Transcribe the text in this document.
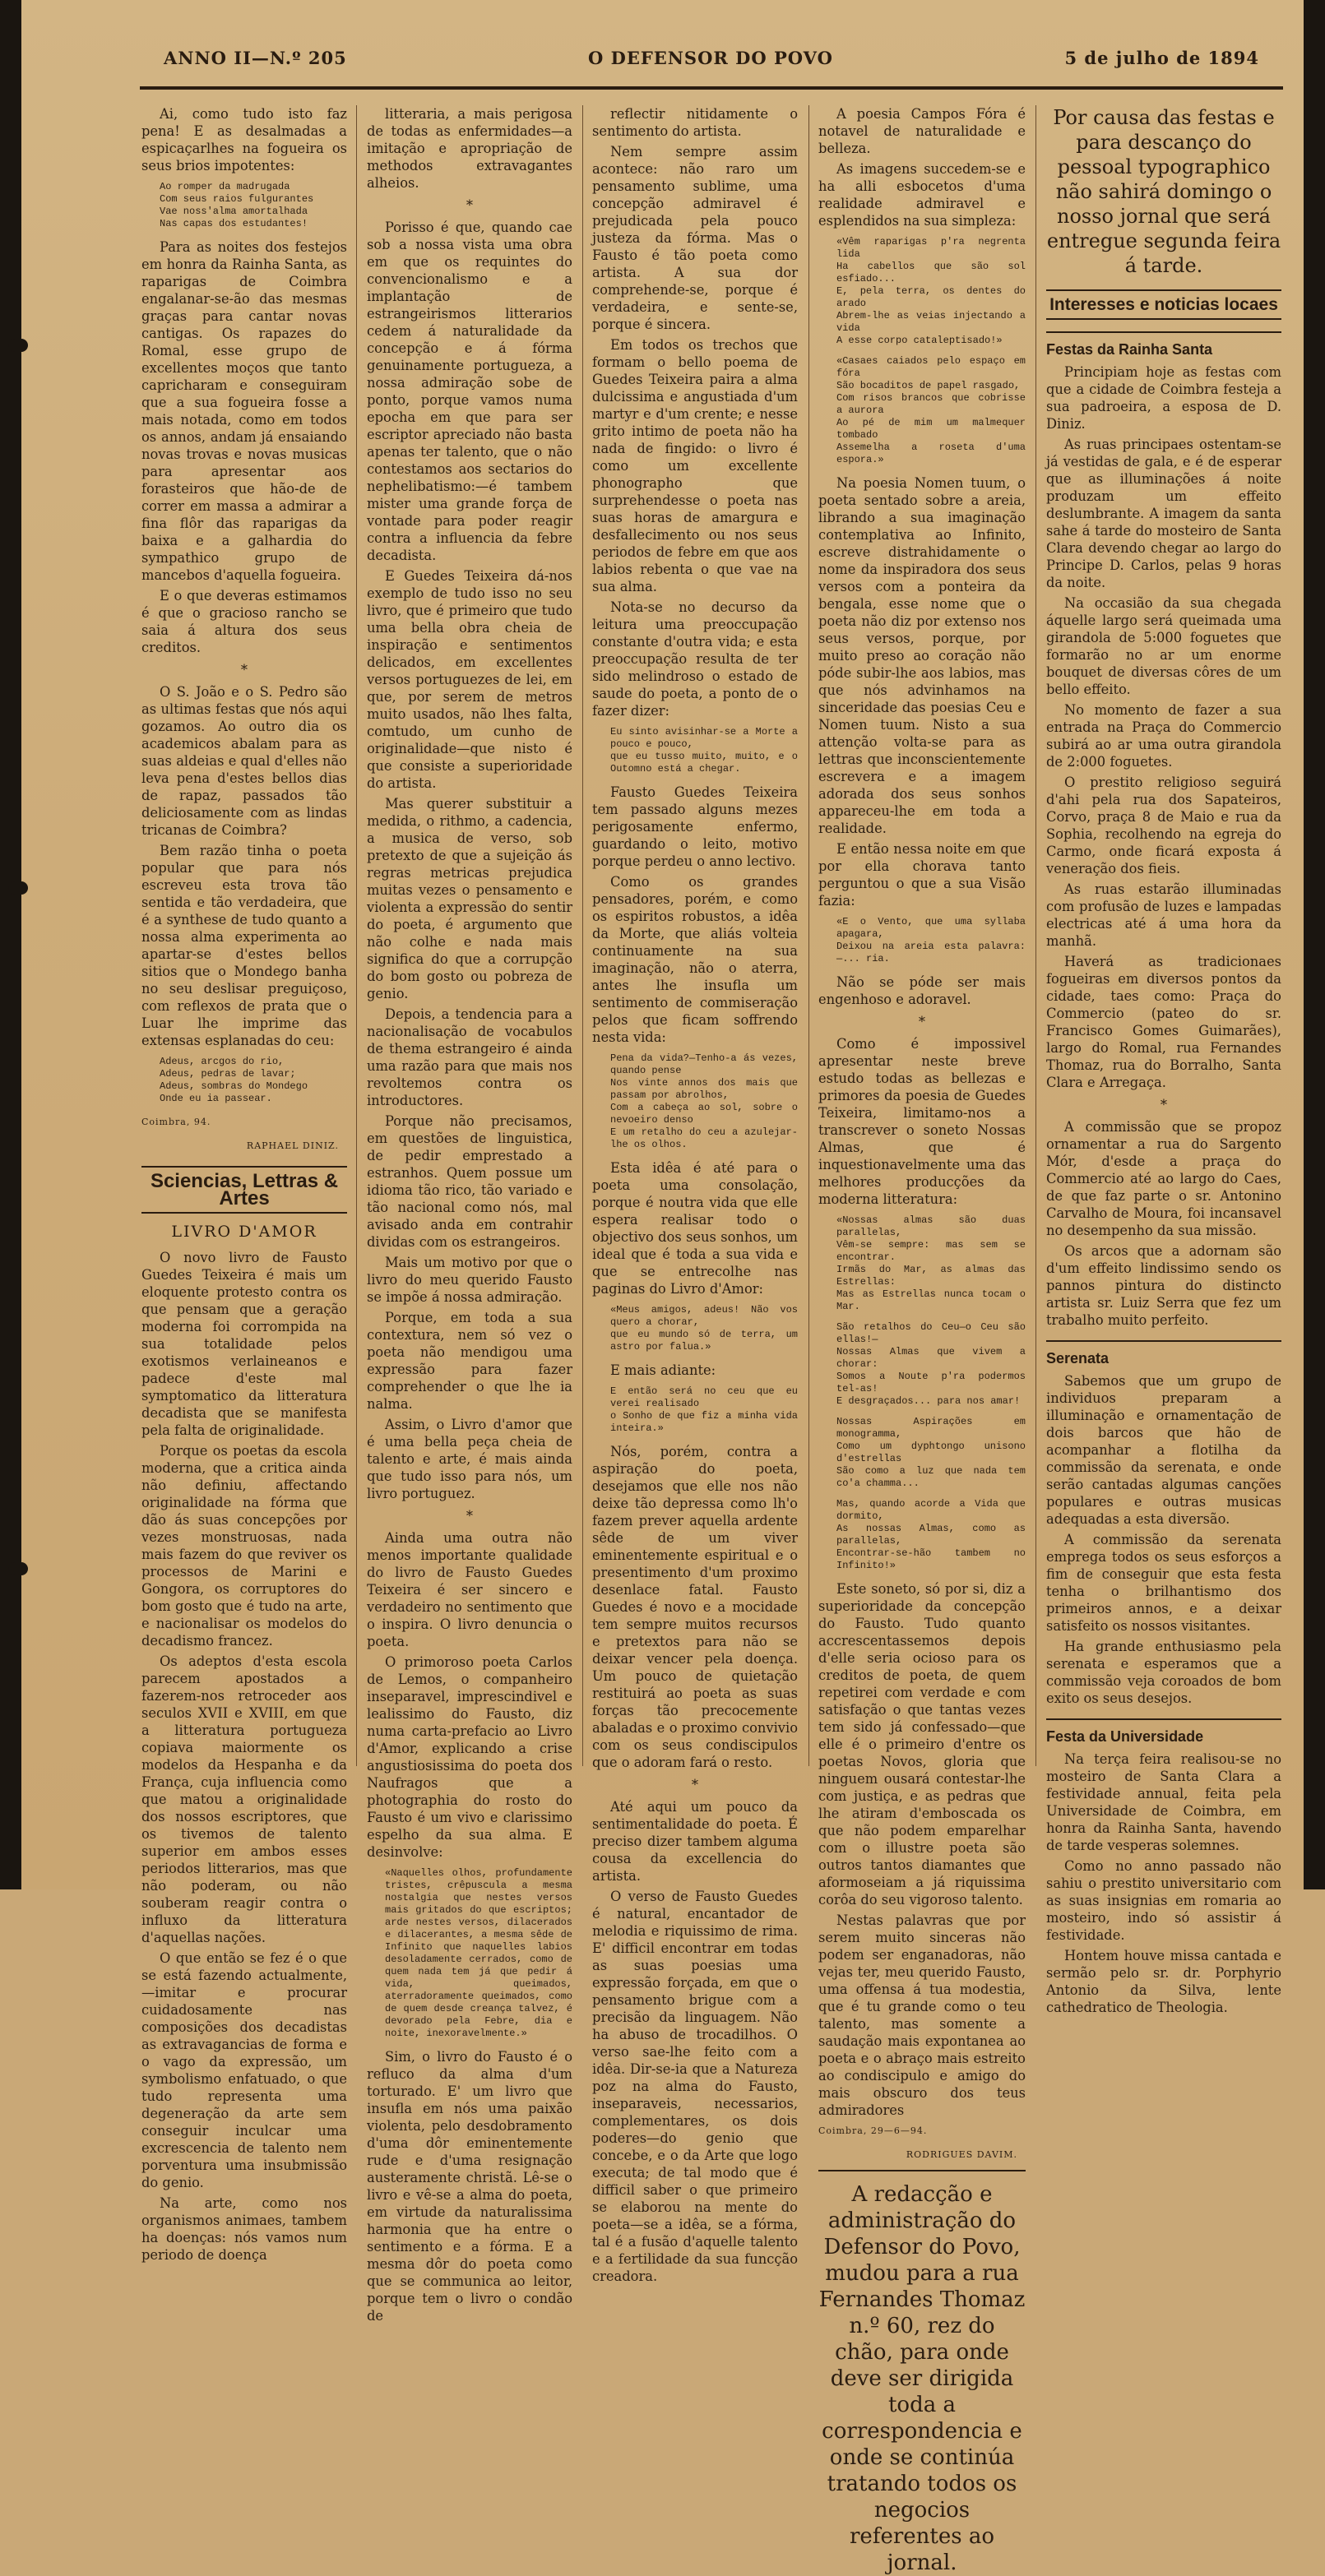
ANNO II—N.º 205	O DEFENSOR DO POVO	5 de julho de 1894

Ai, como tudo isto faz pena! E as desalmadas a espicaçarlhes na fogueira os seus brios impotentes:

Ao romper da madrugada
Com seus raios fulgurantes
Vae noss'alma amortalhada
Nas capas dos estudantes!

Para as noites dos festejos em honra da Rainha Santa, as raparigas de Coimbra engalanar-se-ão das mesmas graças para cantar novas cantigas. Os rapazes do Romal, esse grupo de excellentes moços que tanto capricharam e conseguiram que a sua fogueira fosse a mais notada, como em todos os annos, andam já ensaiando novas trovas e novas musicas para apresentar aos forasteiros que hão-de de correr em massa a admirar a fina flôr das raparigas da baixa e a galhardia do sympathico grupo de mancebos d'aquella fogueira.

E o que deveras estimamos é que o gracioso rancho se saia á altura dos seus creditos.

*

O S. João e o S. Pedro são as ultimas festas que nós aqui gozamos. Ao outro dia os academicos abalam para as suas aldeias e qual d'elles não leva pena d'estes bellos dias de rapaz, passados tão deliciosamente com as lindas tricanas de Coimbra?

Bem razão tinha o poeta popular que para nós escreveu esta trova tão sentida e tão verdadeira, que é a synthese de tudo quanto a nossa alma experimenta ao apartar-se d'estes bellos sitios que o Mondego banha no seu deslisar preguiçoso, com reflexos de prata que o Luar lhe imprime das extensas esplanadas do ceu:

Adeus, arcgos do rio,
Adeus, pedras de lavar;
Adeus, sombras do Mondego
Onde eu ia passear.
Coimbra, 94.
RAPHAEL DINIZ.
Sciencias, Lettras & Artes
LIVRO D'AMOR

O novo livro de Fausto Guedes Teixeira é mais um eloquente protesto contra os que pensam que a geração moderna foi corrompida na sua totalidade pelos exotismos verlaineanos e padece d'este mal symptomatico da litteratura decadista que se manifesta pela falta de originalidade.

Porque os poetas da escola moderna, que a critica ainda não definiu, affectando originalidade na fórma que dão ás suas concepções por vezes monstruosas, nada mais fazem do que reviver os processos de Marini e Gongora, os corruptores do bom gosto que é tudo na arte, e nacionalisar os modelos do decadismo francez.

Os adeptos d'esta escola parecem apostados a fazerem-nos retroceder aos seculos XVII e XVIII, em que a litteratura portugueza copiava maiormente os modelos da Hespanha e da França, cuja influencia como que matou a originalidade dos nossos escriptores, que os tivemos de talento superior em ambos esses periodos litterarios, mas que não poderam, ou não souberam reagir contra o influxo da litteratura d'aquellas nações.

O que então se fez é o que se está fazendo actualmente,—imitar e procurar cuidadosamente nas composições dos decadistas as extravagancias de forma e o vago da expressão, um symbolismo enfatuado, o que tudo representa uma degeneração da arte sem conseguir inculcar uma excrescencia de talento nem porventura uma insubmissão do genio.

Na arte, como nos organismos animaes, tambem ha doenças: nós vamos num periodo de doença

litteraria, a mais perigosa de todas as enfermidades—a imitação e apropriação de methodos extravagantes alheios.

*

Porisso é que, quando cae sob a nossa vista uma obra em que os requintes do convencionalismo e a implantação de estrangeirismos litterarios cedem á naturalidade da concepção e á fórma genuinamente portugueza, a nossa admiração sobe de ponto, porque vamos numa epocha em que para ser escriptor apreciado não basta apenas ter talento, que o não contestamos aos sectarios do nephelibatismo:—é tambem mister uma grande força de vontade para poder reagir contra a influencia da febre decadista.

E Guedes Teixeira dá-nos exemplo de tudo isso no seu livro, que é primeiro que tudo uma bella obra cheia de inspiração e sentimentos delicados, em excellentes versos portuguezes de lei, em que, por serem de metros muito usados, não lhes falta, comtudo, um cunho de originalidade—que nisto é que consiste a superioridade do artista.

Mas querer substituir a medida, o rithmo, a cadencia, a musica de verso, sob pretexto de que a sujeição ás regras metricas prejudica muitas vezes o pensamento e violenta a expressão do sentir do poeta, é argumento que não colhe e nada mais significa do que a corrupção do bom gosto ou pobreza de genio.

Depois, a tendencia para a nacionalisação de vocabulos de thema estrangeiro é ainda uma razão para que mais nos revoltemos contra os introductores.

Porque não precisamos, em questões de linguistica, de pedir emprestado a estranhos. Quem possue um idioma tão rico, tão variado e tão nacional como nós, mal avisado anda em contrahir dividas com os estrangeiros.

Mais um motivo por que o livro do meu querido Fausto se impõe á nossa admiração.

Porque, em toda a sua contextura, nem só vez o poeta não mendigou uma expressão para fazer comprehender o que lhe ia nalma.

Assim, o Livro d'amor que é uma bella peça cheia de talento e arte, é mais ainda que tudo isso para nós, um livro portuguez.

*

Ainda uma outra não menos importante qualidade do livro de Fausto Guedes Teixeira é ser sincero e verdadeiro no sentimento que o inspira. O livro denuncia o poeta.

O primoroso poeta Carlos de Lemos, o companheiro inseparavel, imprescindivel e lealissimo do Fausto, diz numa carta-prefacio ao Livro d'Amor, explicando a crise angustiosissima do poeta dos Naufragos que a photographia do rosto do Fausto é um vivo e clarissimo espelho da sua alma. E desinvolve:

«Naquelles olhos, profundamente tristes, crêpuscula a mesma nostalgia que nestes versos mais gritados do que escriptos; arde nestes versos, dilacerados e dilacerantes, a mesma sêde de Infinito que naquelles labios desoladamente cerrados, como de quem nada tem já que pedir á vida, queimados, aterradoramente queimados, como de quem desde creança talvez, é devorado pela Febre, dia e noite, inexoravelmente.»

Sim, o livro do Fausto é o refluco da alma d'um torturado. E' um livro que insufla em nós uma paixão violenta, pelo desdobramento d'uma dôr eminentemente rude e d'uma resignação austeramente christã. Lê-se o livro e vê-se a alma do poeta, em virtude da naturalissima harmonia que ha entre o sentimento e a fórma. E a mesma dôr do poeta como que se communica ao leitor, porque tem o livro o condão de

reflectir nitidamente o sentimento do artista.

Nem sempre assim acontece: não raro um pensamento sublime, uma concepção admiravel é prejudicada pela pouco justeza da fórma. Mas o Fausto é tão poeta como artista. A sua dor comprehende-se, porque é verdadeira, e sente-se, porque é sincera.

Em todos os trechos que formam o bello poema de Guedes Teixeira paira a alma dulcissima e angustiada d'um martyr e d'um crente; e nesse grito intimo de poeta não ha nada de fingido: o livro é como um excellente phonographo que surprehendesse o poeta nas suas horas de amargura e desfallecimento ou nos seus periodos de febre em que aos labios rebenta o que vae na sua alma.

Nota-se no decurso da leitura uma preoccupação constante d'outra vida; e esta preoccupação resulta de ter sido melindroso o estado de saude do poeta, a ponto de o fazer dizer:

Eu sinto avisinhar-se a Morte a pouco e pouco,
que eu tusso muito, muito, e o Outomno está a chegar.

Fausto Guedes Teixeira tem passado alguns mezes perigosamente enfermo, guardando o leito, motivo porque perdeu o anno lectivo.

Como os grandes pensadores, porém, e como os espiritos robustos, a idêa da Morte, que aliás volteia continuamente na sua imaginação, não o aterra, antes lhe insufla um sentimento de commiseração pelos que ficam soffrendo nesta vida:

Pena da vida?—Tenho-a ás vezes, quando pense
Nos vinte annos dos mais que passam por abrolhos,
Com a cabeça ao sol, sobre o nevoeiro denso
E um retalho do ceu a azulejar-lhe os olhos.

Esta idêa é até para o poeta uma consolação, porque é noutra vida que elle espera realisar todo o objectivo dos seus sonhos, um ideal que é toda a sua vida e que se entrecolhe nas paginas do Livro d'Amor:

«Meus amigos, adeus! Não vos quero a chorar,
que eu mundo só de terra, um astro por falua.»

E mais adiante:

E então será no ceu que eu verei realisado
o Sonho de que fiz a minha vida inteira.»

Nós, porém, contra a aspiração do poeta, desejamos que elle nos não deixe tão depressa como lh'o fazem prever aquella ardente sêde de um viver eminentemente espiritual e o presentimento d'um proximo desenlace fatal. Fausto Guedes é novo e a mocidade tem sempre muitos recursos e pretextos para não se deixar vencer pela doença. Um pouco de quietação restituirá ao poeta as suas forças tão precocemente abaladas e o proximo convivio com os seus condiscipulos que o adoram fará o resto.

*

Até aqui um pouco da sentimentalidade do poeta. É preciso dizer tambem alguma cousa da excellencia do artista.

O verso de Fausto Guedes é natural, encantador de melodia e riquissimo de rima. E' difficil encontrar em todas as suas poesias uma expressão forçada, em que o pensamento brigue com a precisão da linguagem. Não ha abuso de trocadilhos. O verso sae-lhe feito com a idêa. Dir-se-ia que a Natureza poz na alma do Fausto, inseparaveis, necessarios, complementares, os dois poderes—do genio que concebe, e o da Arte que logo executa; de tal modo que é difficil saber o que primeiro se elaborou na mente do poeta—se a idêa, se a fórma, tal é a fusão d'aquelle talento e a fertilidade da sua funcção creadora.

A poesia Campos Fóra é notavel de naturalidade e belleza.

As imagens succedem-se e ha alli esbocetos d'uma realidade admiravel e esplendidos na sua simpleza:

«Vêm raparigas p'ra negrenta lida
Ha cabellos que são sol esfiado...
E, pela terra, os dentes do arado
Abrem-lhe as veias injectando a vida
A esse corpo cataleptisado!»
«Casaes caiados pelo espaço em fóra
São bocaditos de papel rasgado,
Com risos brancos que cobrisse a aurora
Ao pé de mim um malmequer tombado
Assemelha a roseta d'uma espora.»

Na poesia Nomen tuum, o poeta sentado sobre a areia, librando a sua imaginação contemplativa ao Infinito, escreve distrahidamente o nome da inspiradora dos seus versos com a ponteira da bengala, esse nome que o poeta não diz por extenso nos seus versos, porque, por muito preso ao coração não póde subir-lhe aos labios, mas que nós advinhamos na sinceridade das poesias Ceu e Nomen tuum. Nisto a sua attenção volta-se para as lettras que inconscientemente escrevera e a imagem adorada dos seus sonhos appareceu-lhe em toda a realidade.

E então nessa noite em que por ella chorava tanto perguntou o que a sua Visão fazia:

«E o Vento, que uma syllaba apagara,
Deixou na areia esta palavra:—... ria.

Não se póde ser mais engenhoso e adoravel.

*

Como é impossivel apresentar neste breve estudo todas as bellezas e primores da poesia de Guedes Teixeira, limitamo-nos a transcrever o soneto Nossas Almas, que é inquestionavelmente uma das melhores producções da moderna litteratura:

«Nossas almas são duas parallelas,
Vêm-se sempre: mas sem se encontrar.
Irmãs do Mar, as almas das Estrellas:
Mas as Estrellas nunca tocam o Mar.
São retalhos do Ceu—o Ceu são ellas!—
Nossas Almas que vivem a chorar:
Somos a Noute p'ra podermos tel-as!
E desgraçados... para nos amar!
Nossas Aspirações em monogramma,
Como um dyphtongo unisono d'estrellas
São como a luz que nada tem co'a chamma...
Mas, quando acorde a Vida que dormito,
As nossas Almas, como as parallelas,
Encontrar-se-hão tambem no Infinito!»

Este soneto, só por si, diz a superioridade da concepção do Fausto. Tudo quanto accrescentassemos depois d'elle seria ocioso para os creditos de poeta, de quem repetirei com verdade e com satisfação o que tantas vezes tem sido já confessado—que elle é o primeiro d'entre os poetas Novos, gloria que ninguem ousará contestar-lhe com justiça, e as pedras que lhe atiram d'emboscada os que não podem emparelhar com o illustre poeta são outros tantos diamantes que aformoseiam a já riquissima corôa do seu vigoroso talento.

Nestas palavras que por serem muito sinceras não podem ser enganadoras, não vejas ter, meu querido Fausto, uma offensa á tua modestia, que é tu grande como o teu talento, mas somente a saudação mais expontanea ao poeta e o abraço mais estreito ao condiscipulo e amigo do mais obscuro dos teus admiradores

Coimbra, 29—6—94.
RODRIGUES DAVIM.

A redacção e administração do Defensor do Povo, mudou para a rua Fernandes Thomaz n.º 60, rez do chão, para onde deve ser dirigida toda a correspondencia e onde se continúa tratando todos os negocios referentes ao jornal.

Por causa das festas e para descanço do pessoal typographico não sahirá domingo o nosso jornal que será entregue segunda feira á tarde.

Interesses e noticias locaes
Festas da Rainha Santa

Principiam hoje as festas com que a cidade de Coimbra festeja a sua padroeira, a esposa de D. Diniz.

As ruas principaes ostentam-se já vestidas de gala, e é de esperar que as illuminações á noite produzam um effeito deslumbrante. A imagem da santa sahe á tarde do mosteiro de Santa Clara devendo chegar ao largo do Principe D. Carlos, pelas 9 horas da noite.

Na occasião da sua chegada áquelle largo será queimada uma girandola de 5:000 foguetes que formarão no ar um enorme bouquet de diversas côres de um bello effeito.

No momento de fazer a sua entrada na Praça do Commercio subirá ao ar uma outra girandola de 2:000 foguetes.

O prestito religioso seguirá d'ahi pela rua dos Sapateiros, Corvo, praça 8 de Maio e rua da Sophia, recolhendo na egreja do Carmo, onde ficará exposta á veneração dos fieis.

As ruas estarão illuminadas com profusão de luzes e lampadas electricas até á uma hora da manhã.

Haverá as tradicionaes fogueiras em diversos pontos da cidade, taes como: Praça do Commercio (pateo do sr. Francisco Gomes Guimarães), largo do Romal, rua Fernandes Thomaz, rua do Borralho, Santa Clara e Arregaça.

*

A commissão que se propoz ornamentar a rua do Sargento Mór, d'esde a praça do Commercio até ao largo do Caes, de que faz parte o sr. Antonino Carvalho de Moura, foi incansavel no desempenho da sua missão.

Os arcos que a adornam são d'um effeito lindissimo sendo os pannos pintura do distincto artista sr. Luiz Serra que fez um trabalho muito perfeito.

Serenata

Sabemos que um grupo de individuos preparam a illuminação e ornamentação de dois barcos que hão de acompanhar a flotilha da commissão da serenata, e onde serão cantadas algumas canções populares e outras musicas adequadas a esta diversão.

A commissão da serenata emprega todos os seus esforços a fim de conseguir que esta festa tenha o brilhantismo dos primeiros annos, e a deixar satisfeito os nossos visitantes.

Ha grande enthusiasmo pela serenata e esperamos que a commissão veja coroados de bom exito os seus desejos.

Festa da Universidade

Na terça feira realisou-se no mosteiro de Santa Clara a festividade annual, feita pela Universidade de Coimbra, em honra da Rainha Santa, havendo de tarde vesperas solemnes.

Como no anno passado não sahiu o prestito universitario com as suas insignias em romaria ao mosteiro, indo só assistir á festividade.

Hontem houve missa cantada e sermão pelo sr. dr. Porphyrio Antonio da Silva, lente cathedratico de Theologia.
